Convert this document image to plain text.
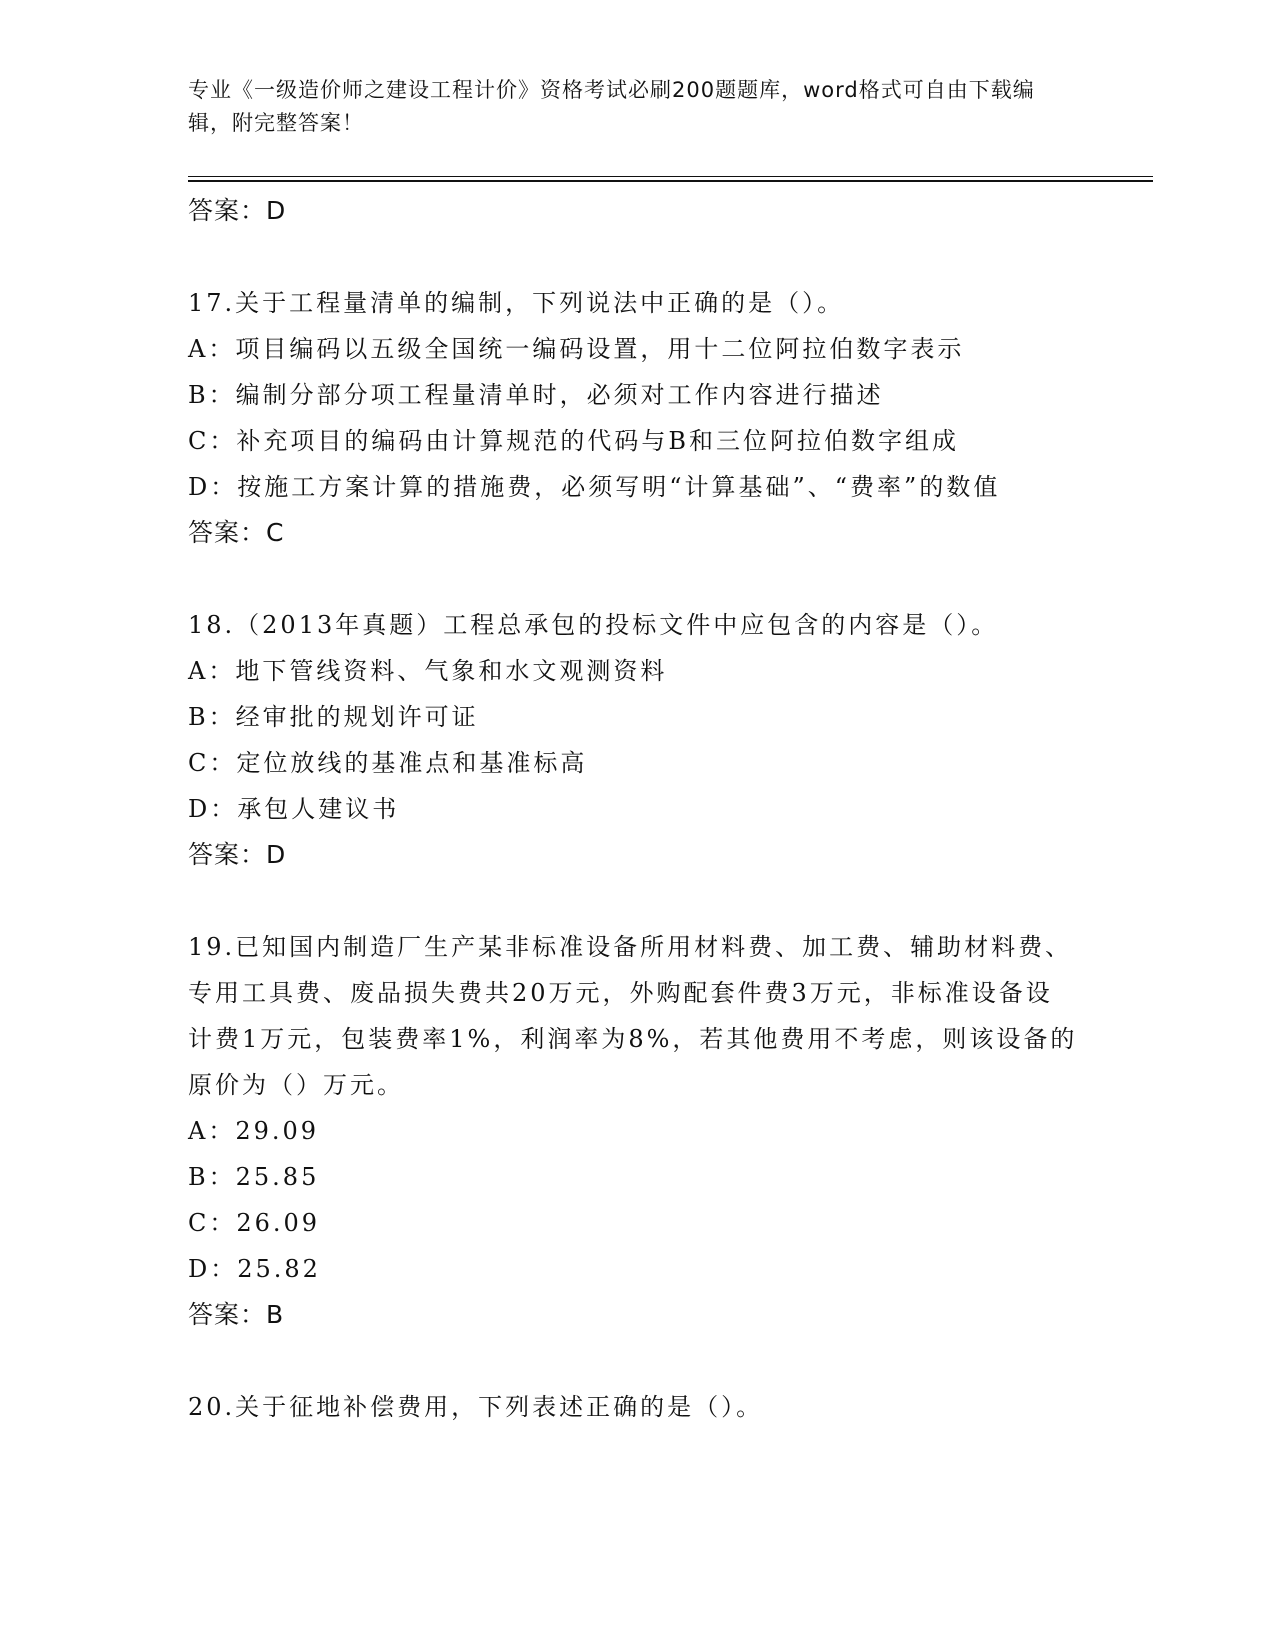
专业《一级造价师之建设工程计价》资格考试必刷200题题库，word格式可自由下载编辑，附完整答案！
答案：D

17.关于工程量清单的编制，下列说法中正确的是（）。

A：项目编码以五级全国统一编码设置，用十二位阿拉伯数字表示

B：编制分部分项工程量清单时，必须对工作内容进行描述

C：补充项目的编码由计算规范的代码与B和三位阿拉伯数字组成

D：按施工方案计算的措施费，必须写明“计算基础”、“费率”的数值

答案：C

18.（2013年真题）工程总承包的投标文件中应包含的内容是（）。

A：地下管线资料、气象和水文观测资料

B：经审批的规划许可证

C：定位放线的基准点和基准标高

D：承包人建议书

答案：D

19.已知国内制造厂生产某非标准设备所用材料费、加工费、辅助材料费、专用工具费、废品损失费共20万元，外购配套件费3万元，非标准设备设计费1万元，包装费率1%，利润率为8%，若其他费用不考虑，则该设备的原价为（）万元。

A：29.09

B：25.85

C：26.09

D：25.82

答案：B

20.关于征地补偿费用，下列表述正确的是（）。
